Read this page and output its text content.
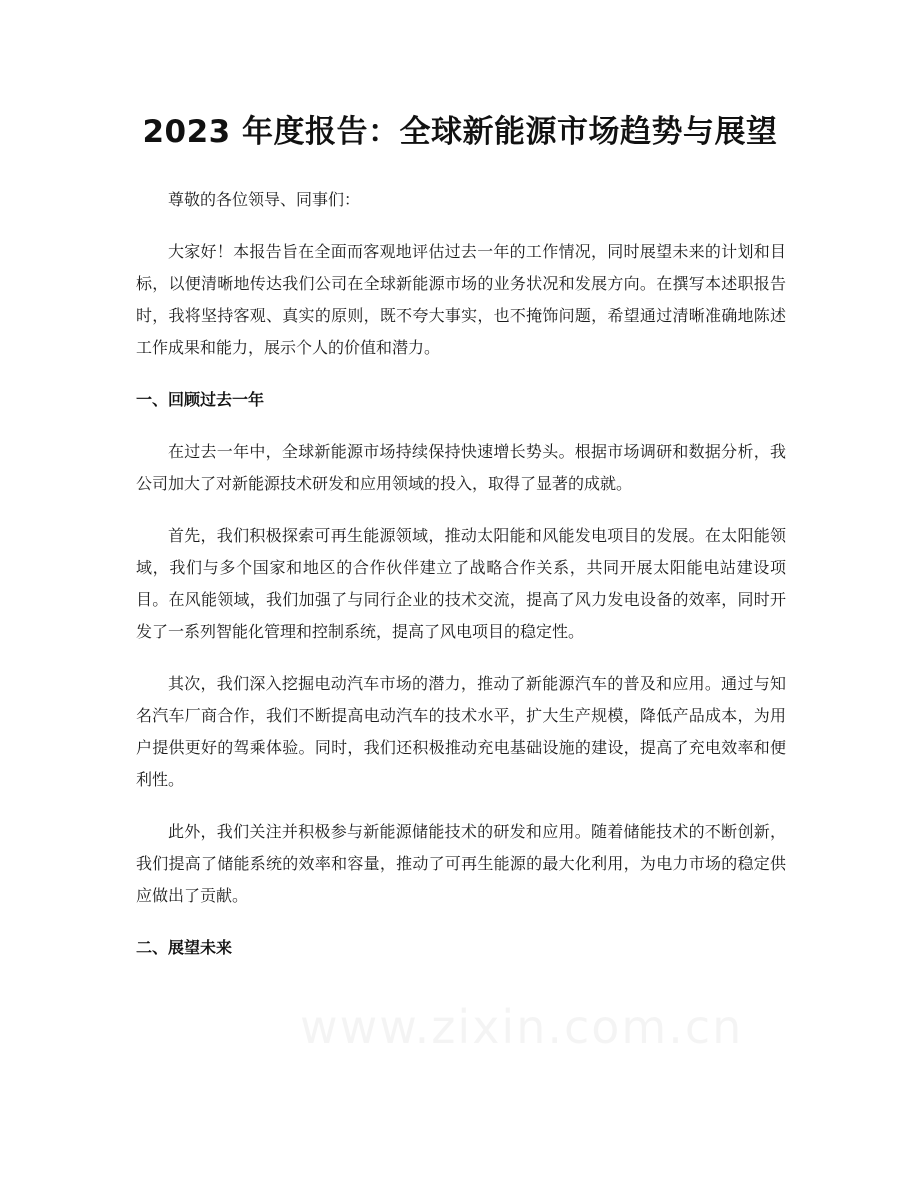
2023 年度报告：全球新能源市场趋势与展望

尊敬的各位领导、同事们：

大家好！本报告旨在全面而客观地评估过去一年的工作情况，同时展望未来的计划和目标，以便清晰地传达我们公司在全球新能源市场的业务状况和发展方向。在撰写本述职报告时，我将坚持客观、真实的原则，既不夸大事实，也不掩饰问题，希望通过清晰准确地陈述工作成果和能力，展示个人的价值和潜力。

一、回顾过去一年

在过去一年中，全球新能源市场持续保持快速增长势头。根据市场调研和数据分析，我公司加大了对新能源技术研发和应用领域的投入，取得了显著的成就。

首先，我们积极探索可再生能源领域，推动太阳能和风能发电项目的发展。在太阳能领域，我们与多个国家和地区的合作伙伴建立了战略合作关系，共同开展太阳能电站建设项目。在风能领域，我们加强了与同行企业的技术交流，提高了风力发电设备的效率，同时开发了一系列智能化管理和控制系统，提高了风电项目的稳定性。

其次，我们深入挖掘电动汽车市场的潜力，推动了新能源汽车的普及和应用。通过与知名汽车厂商合作，我们不断提高电动汽车的技术水平，扩大生产规模，降低产品成本，为用户提供更好的驾乘体验。同时，我们还积极推动充电基础设施的建设，提高了充电效率和便利性。

此外，我们关注并积极参与新能源储能技术的研发和应用。随着储能技术的不断创新，我们提高了储能系统的效率和容量，推动了可再生能源的最大化利用，为电力市场的稳定供应做出了贡献。

二、展望未来
